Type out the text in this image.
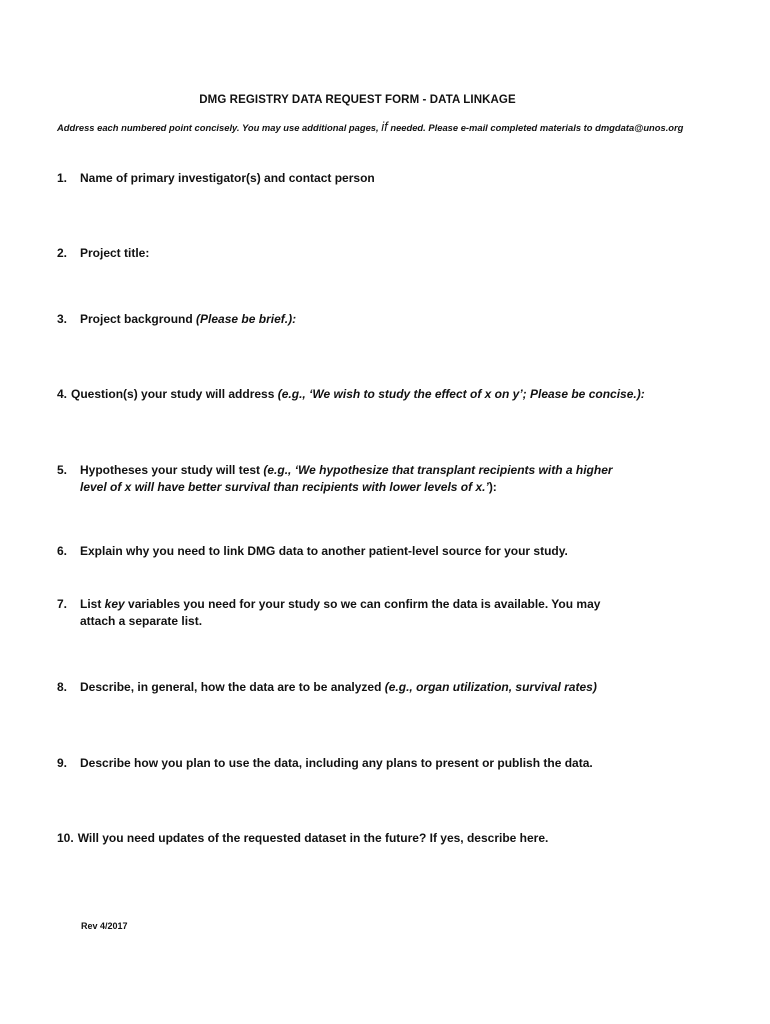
DMG REGISTRY DATA REQUEST FORM - DATA LINKAGE
Address each numbered point concisely. You may use additional pages, if needed. Please e-mail completed materials to dmgdata@unos.org
1. Name of primary investigator(s) and contact person
2. Project title:
3. Project background (Please be brief.):
4. Question(s) your study will address (e.g., ‘We wish to study the effect of x on y’; Please be concise.):
5. Hypotheses your study will test (e.g., ‘We hypothesize that transplant recipients with a higher
level of x will have better survival than recipients with lower levels of x.’):
6. Explain why you need to link DMG data to another patient-level source for your study.
7. List key variables you need for your study so we can confirm the data is available. You may
attach a separate list.
8. Describe, in general, how the data are to be analyzed (e.g., organ utilization, survival rates)
9. Describe how you plan to use the data, including any plans to present or publish the data.
10. Will you need updates of the requested dataset in the future? If yes, describe here.
Rev 4/2017
